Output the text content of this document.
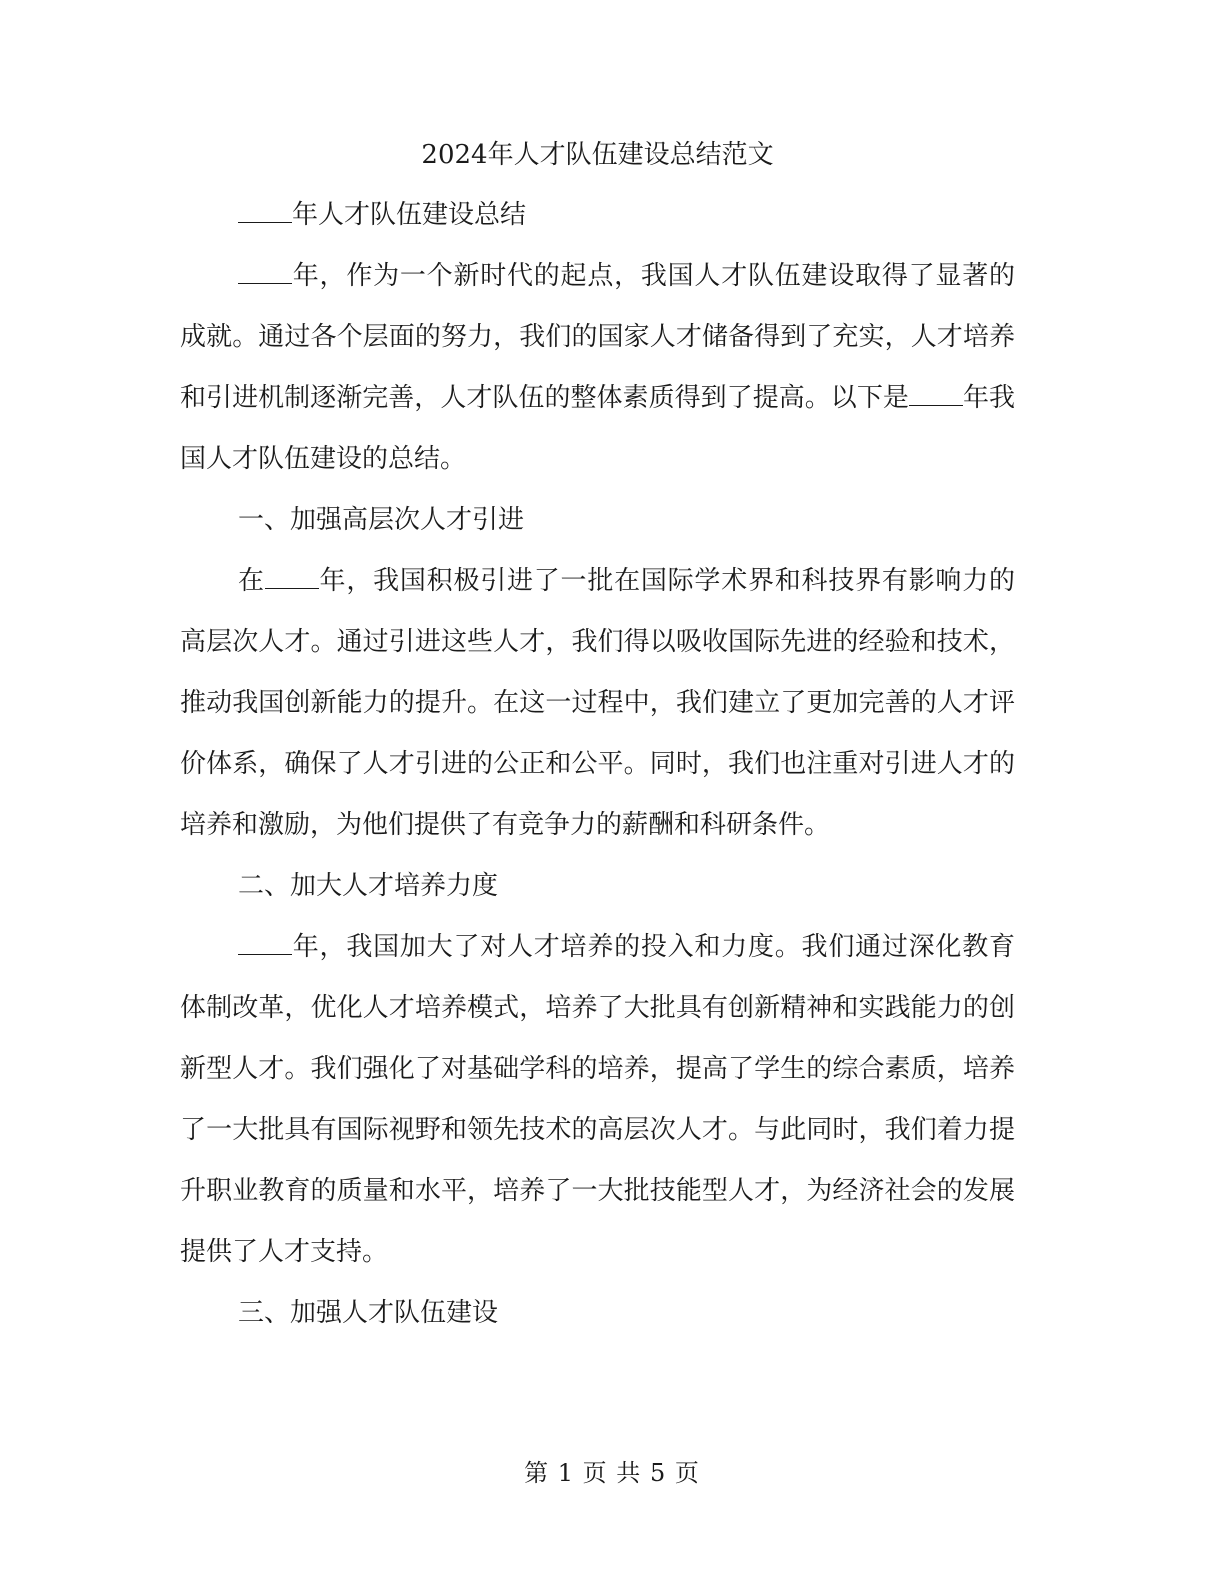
2024年人才队伍建设总结范文

年人才队伍建设总结

年，作为一个新时代的起点，我国人才队伍建设取得了显著的成就。通过各个层面的努力，我们的国家人才储备得到了充实，人才培养和引进机制逐渐完善，人才队伍的整体素质得到了提高。以下是 年我国人才队伍建设的总结。

一、加强高层次人才引进

在 年，我国积极引进了一批在国际学术界和科技界有影响力的高层次人才。通过引进这些人才，我们得以吸收国际先进的经验和技术，推动我国创新能力的提升。在这一过程中，我们建立了更加完善的人才评价体系，确保了人才引进的公正和公平。同时，我们也注重对引进人才的培养和激励，为他们提供了有竞争力的薪酬和科研条件。

二、加大人才培养力度

年，我国加大了对人才培养的投入和力度。我们通过深化教育体制改革，优化人才培养模式，培养了大批具有创新精神和实践能力的创新型人才。我们强化了对基础学科的培养，提高了学生的综合素质，培养了一大批具有国际视野和领先技术的高层次人才。与此同时，我们着力提升职业教育的质量和水平，培养了一大批技能型人才，为经济社会的发展提供了人才支持。

三、加强人才队伍建设

第 1 页 共 5 页
